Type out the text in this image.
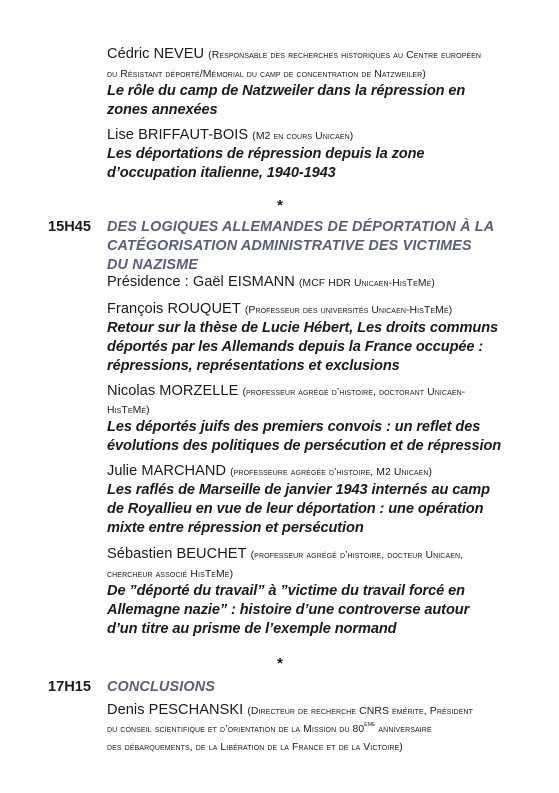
Cédric NEVEU (Responsable des recherches historiques au Centre européen
du Résistant déporté/Mémorial du camp de concentration de Natzweiler)
Le rôle du camp de Natzweiler dans la répression en
zones annexées
Lise BRIFFAUT-BOIS (M2 en cours Unicaen)
Les déportations de répression depuis la zone
d’occupation italienne, 1940-1943
*
15H45 DES LOGIQUES ALLEMANDES DE DÉPORTATION À LA
CATÉGORISATION ADMINISTRATIVE DES VICTIMES
DU NAZISME
Présidence : Gaël EISMANN (MCF HDR Unicaen-HisTeMé)
François ROUQUET (Professeur des universités Unicaen-HisTeMé)
Retour sur la thèse de Lucie Hébert, Les droits communs
déportés par les Allemands depuis la France occupée :
répressions, représentations et exclusions
Nicolas MORZELLE (professeur agrégé d’histoire, doctorant Unicaen-
HisTeMé)
Les déportés juifs des premiers convois : un reflet des
évolutions des politiques de persécution et de répression
Julie MARCHAND (professeure agrégée d’histoire, M2 Unicaen)
Les raflés de Marseille de janvier 1943 internés au camp
de Royallieu en vue de leur déportation : une opération
mixte entre répression et persécution
Sébastien BEUCHET (professeur agrégé d’histoire, docteur Unicaen,
chercheur associé HisTeMé)
De ”déporté du travail” à ”victime du travail forcé en
Allemagne nazie” : histoire d’une controverse autour
d’un titre au prisme de l’exemple normand
*
17H15 CONCLUSIONS
Denis PESCHANSKI (Directeur de recherche CNRS émérite, Président
du conseil scientifique et d’orientation de la Mission du 80ème anniversaire
des débarquements, de la Libération de la France et de la Victoire)
